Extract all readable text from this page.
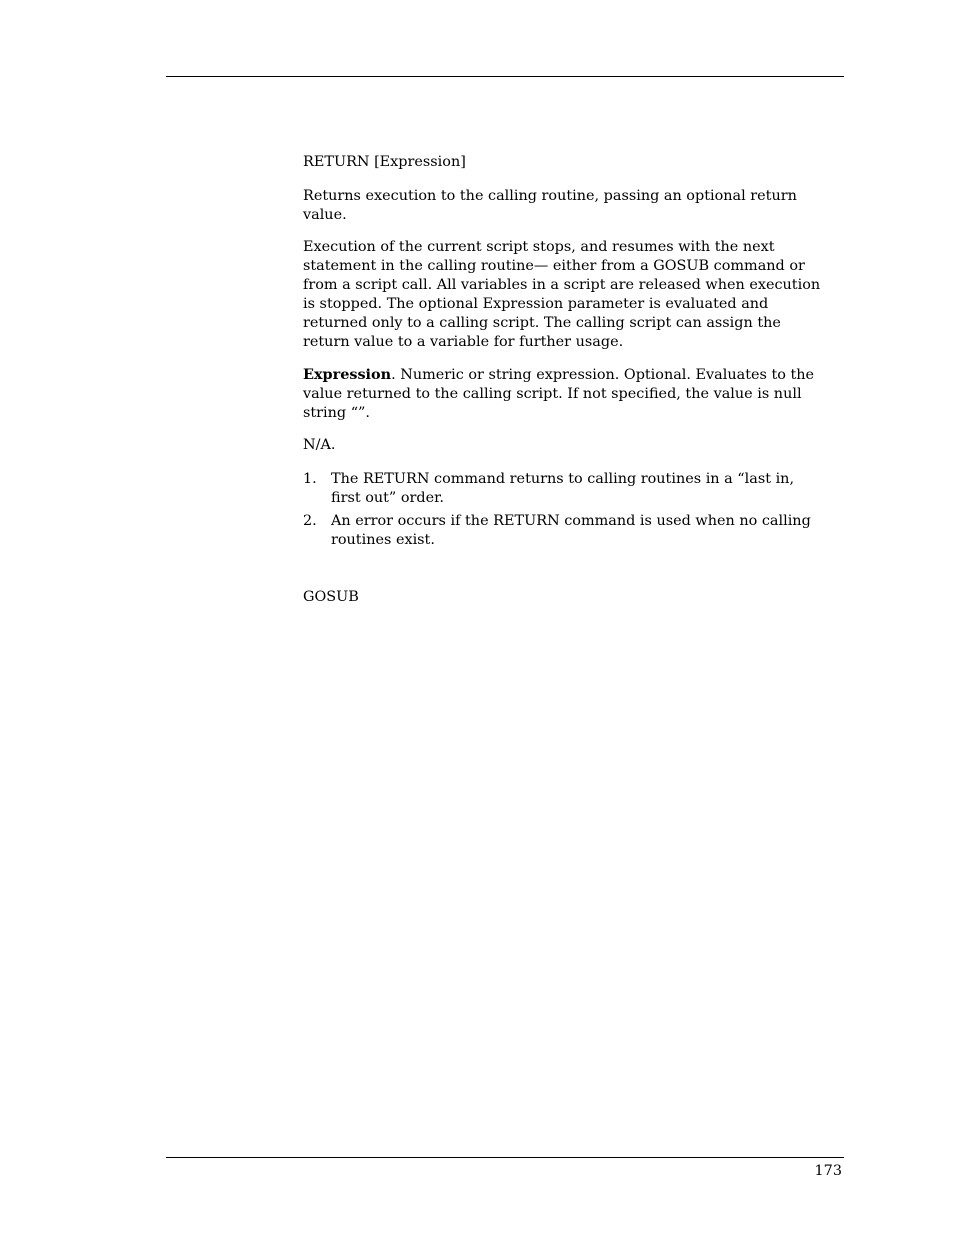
RETURN [Expression]

Returns execution to the calling routine, passing an optional return value.

Execution of the current script stops, and resumes with the next statement in the calling routine— either from a GOSUB command or from a script call. All variables in a script are released when execution is stopped. The optional Expression parameter is evaluated and returned only to a calling script. The calling script can assign the return value to a variable for further usage.

Expression. Numeric or string expression. Optional. Evaluates to the value returned to the calling script. If not specified, the value is null string “”.

N/A.

1. The RETURN command returns to calling routines in a “last in, first out” order.
2. An error occurs if the RETURN command is used when no calling routines exist.

GOSUB

173
